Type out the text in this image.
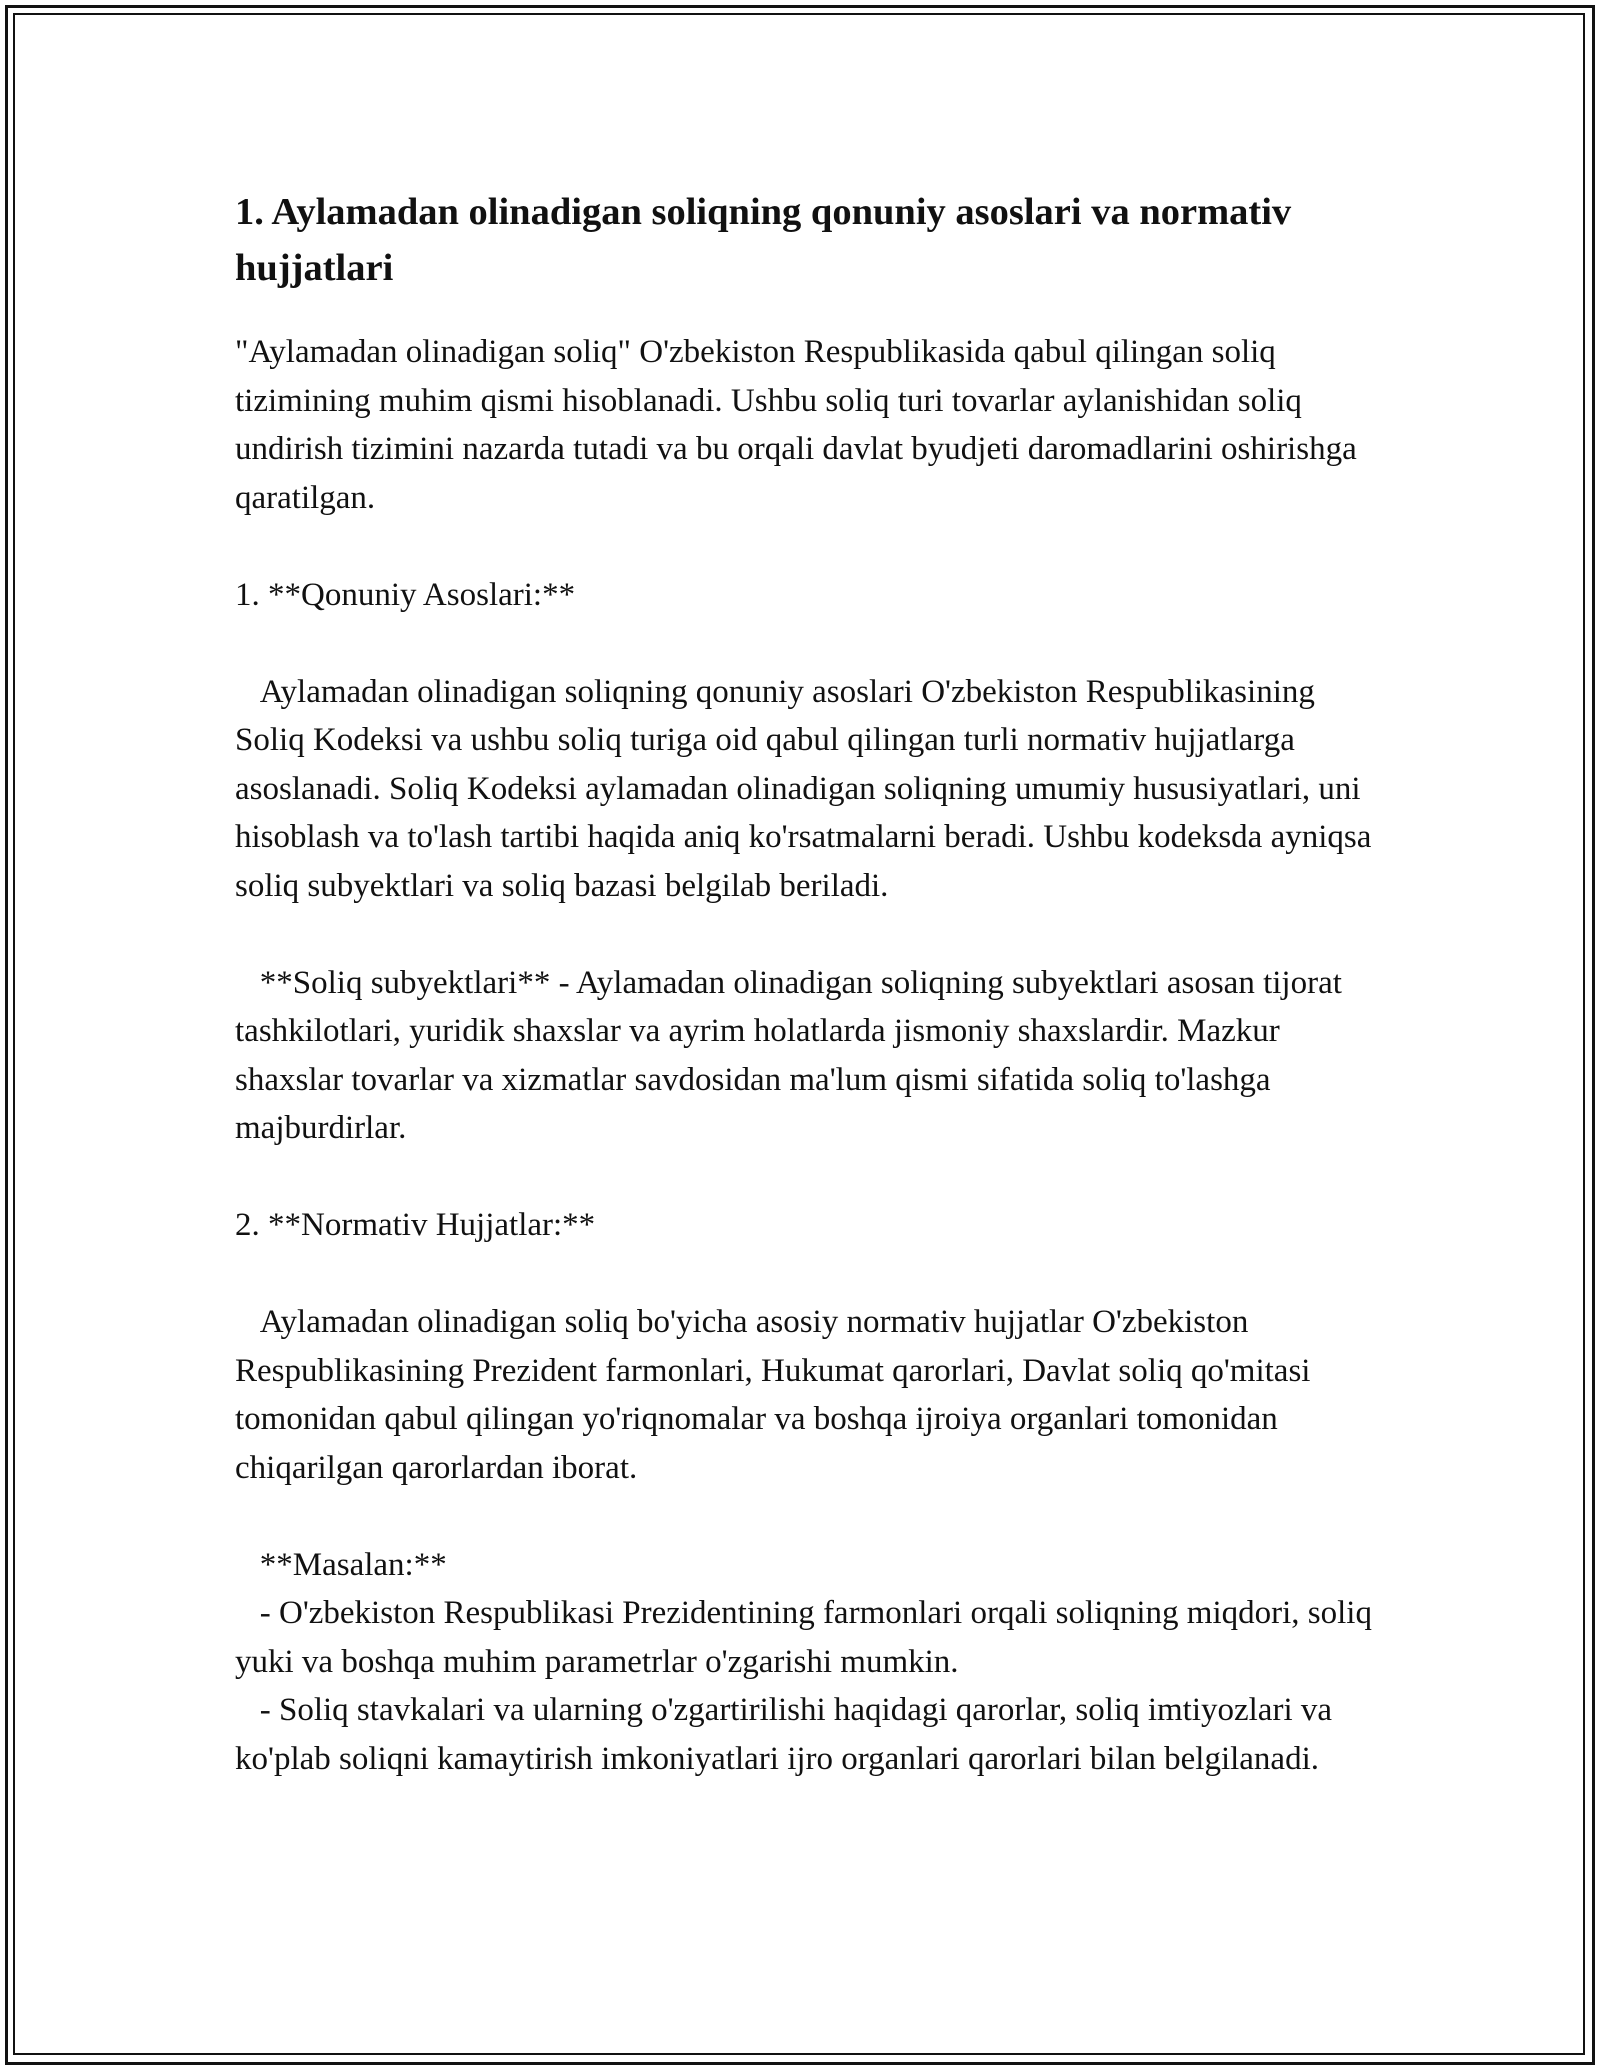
1. Aylamadan olinadigan soliqning qonuniy asoslari va normativ hujjatlari

"Aylamadan olinadigan soliq" O'zbekiston Respublikasida qabul qilingan soliq tizimining muhim qismi hisoblanadi. Ushbu soliq turi tovarlar aylanishidan soliq undirish tizimini nazarda tutadi va bu orqali davlat byudjeti daromadlarini oshirishga qaratilgan.

1. **Qonuniy Asoslari:**

Aylamadan olinadigan soliqning qonuniy asoslari O'zbekiston Respublikasining Soliq Kodeksi va ushbu soliq turiga oid qabul qilingan turli normativ hujjatlarga asoslanadi. Soliq Kodeksi aylamadan olinadigan soliqning umumiy hususiyatlari, uni hisoblash va to'lash tartibi haqida aniq ko'rsatmalarni beradi. Ushbu kodeksda ayniqsa soliq subyektlari va soliq bazasi belgilab beriladi.

**Soliq subyektlari** - Aylamadan olinadigan soliqning subyektlari asosan tijorat tashkilotlari, yuridik shaxslar va ayrim holatlarda jismoniy shaxslardir. Mazkur shaxslar tovarlar va xizmatlar savdosidan ma'lum qismi sifatida soliq to'lashga majburdirlar.

2. **Normativ Hujjatlar:**

Aylamadan olinadigan soliq bo'yicha asosiy normativ hujjatlar O'zbekiston Respublikasining Prezident farmonlari, Hukumat qarorlari, Davlat soliq qo'mitasi tomonidan qabul qilingan yo'riqnomalar va boshqa ijroiya organlari tomonidan chiqarilgan qarorlardan iborat.

**Masalan:**

- O'zbekiston Respublikasi Prezidentining farmonlari orqali soliqning miqdori, soliq yuki va boshqa muhim parametrlar o'zgarishi mumkin.

- Soliq stavkalari va ularning o'zgartirilishi haqidagi qarorlar, soliq imtiyozlari va ko'plab soliqni kamaytirish imkoniyatlari ijro organlari qarorlari bilan belgilanadi.
